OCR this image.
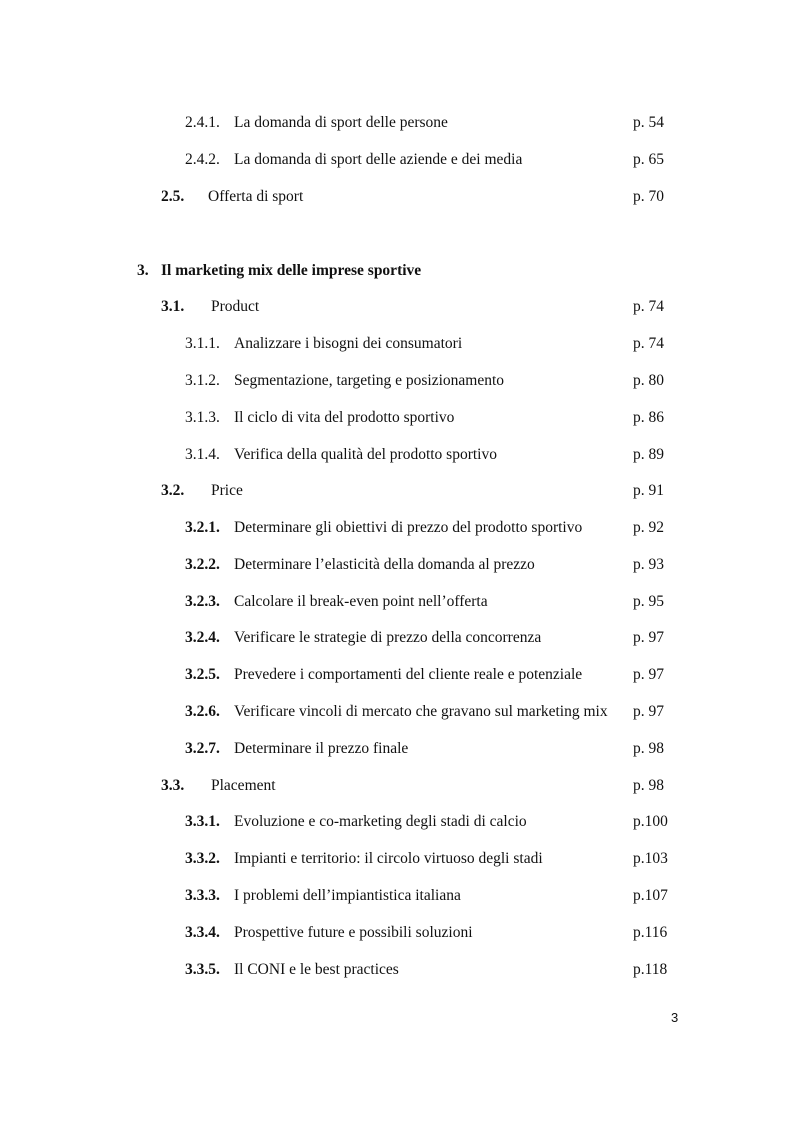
2.4.1. La domanda di sport delle persone	p. 54
2.4.2. La domanda di sport delle aziende e dei media	p. 65
2.5. Offerta di sport	p. 70
3. Il marketing mix delle imprese sportive
3.1. Product	p. 74
3.1.1. Analizzare i bisogni dei consumatori	p. 74
3.1.2. Segmentazione, targeting e posizionamento	p. 80
3.1.3. Il ciclo di vita del prodotto sportivo	p. 86
3.1.4. Verifica della qualità del prodotto sportivo	p. 89
3.2. Price	p. 91
3.2.1. Determinare gli obiettivi di prezzo del prodotto sportivo	p. 92
3.2.2. Determinare l’elasticità della domanda al prezzo	p. 93
3.2.3. Calcolare il break-even point nell’offerta	p. 95
3.2.4. Verificare le strategie di prezzo della concorrenza	p. 97
3.2.5. Prevedere i comportamenti del cliente reale e potenziale	p. 97
3.2.6. Verificare vincoli di mercato che gravano sul marketing mix p. 97
3.2.7. Determinare il prezzo finale	p. 98
3.3. Placement	p. 98
3.3.1. Evoluzione e co-marketing degli stadi di calcio	p.100
3.3.2. Impianti e territorio: il circolo virtuoso degli stadi	p.103
3.3.3. I problemi dell’impiantistica italiana	p.107
3.3.4. Prospettive future e possibili soluzioni	p.116
3.3.5. Il CONI e le best practices	p.118
3
